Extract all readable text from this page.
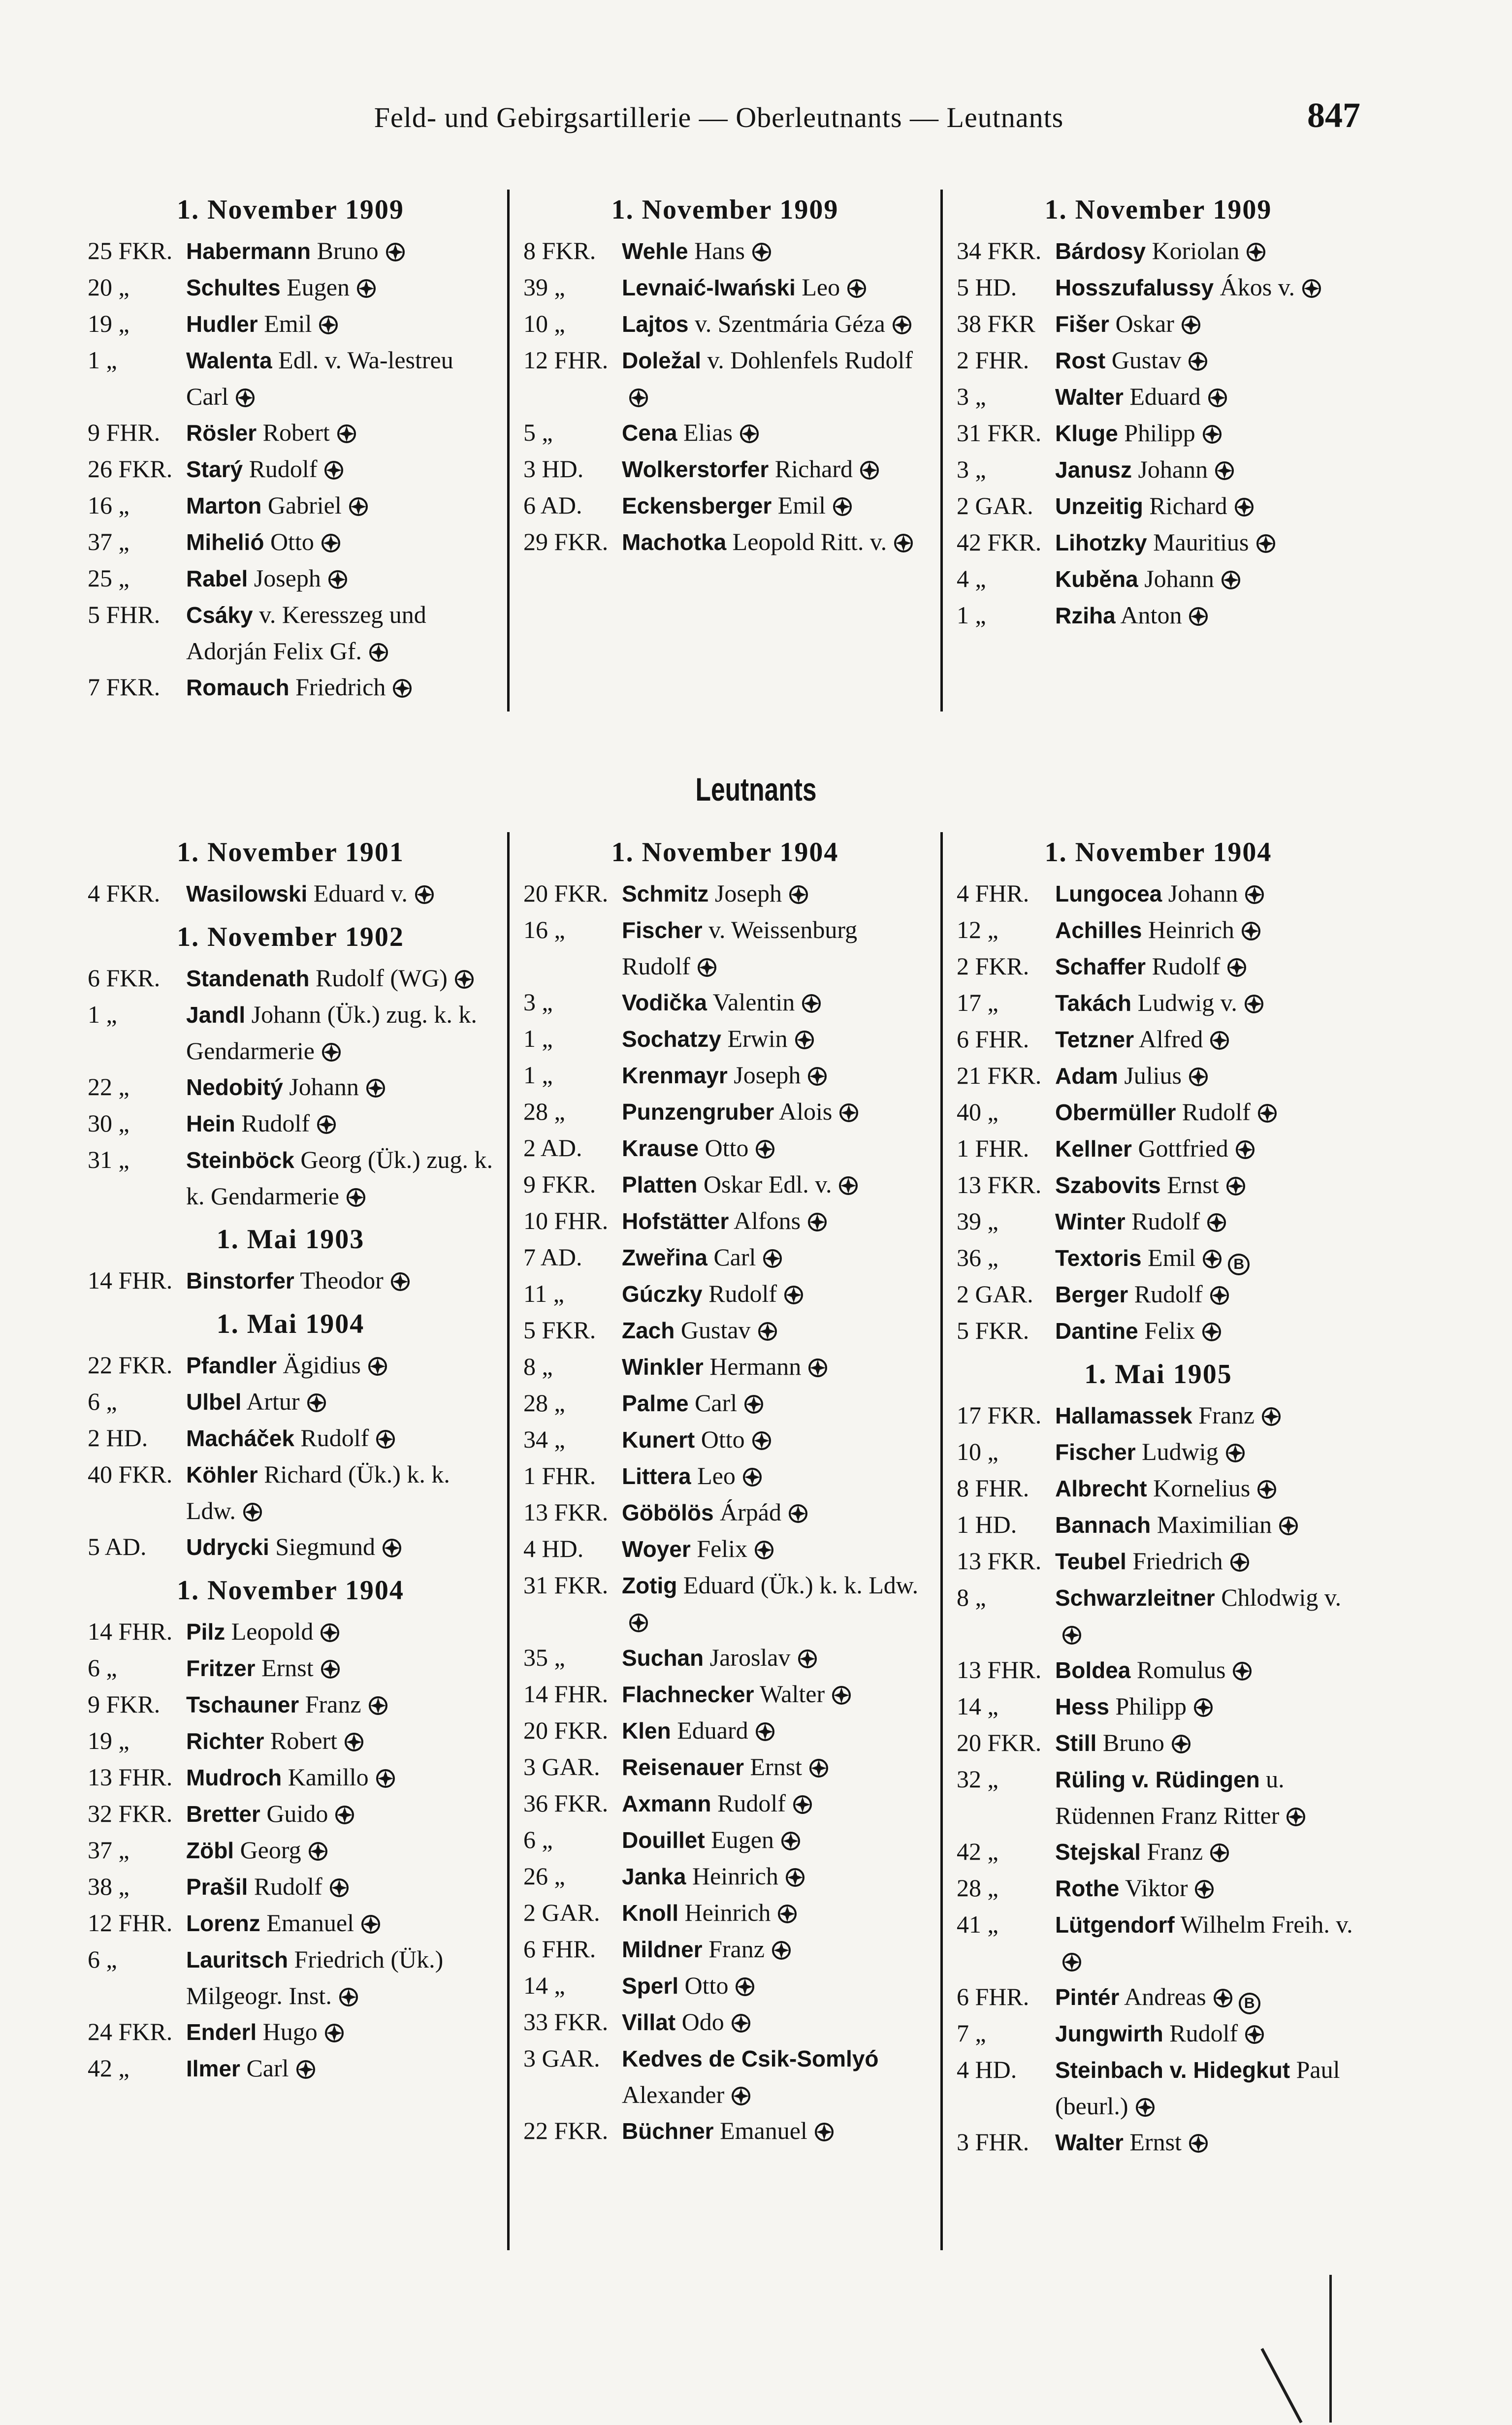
Feld- und Gebirgsartillerie — Oberleutnants — Leutnants	847
1. November 1909
25 FKR. Habermann Bruno
20 „	Schultes Eugen
19 „	Hudler Emil
1 „	Walenta Edl. v. Wa-lestreu Carl
9 FHR.	Rösler Robert
26 FKR. Starý Rudolf
16 „	Marton Gabriel
37 „	Mihelió Otto
25 „	Rabel Joseph
5 FHR.	Csáky v. Keresszeg und Adorján Felix Gf.
7 FKR.	Romauch Friedrich
1. November 1909
8 FKR.	Wehle Hans
39 „	Levnaić-Iwański Leo
10 „	Lajtos v. Szentmária Géza
12 FHR. Doležal v. Dohlenfels Rudolf
5 „	Cena Elias
3 HD.	Wolkerstorfer Richard
6 AD.	Eckensberger Emil
29 FKR. Machotka Leopold Ritt. v.
1. November 1909
34 FKR. Bárdosy Koriolan
5 HD.	Hosszufalussy Ákos v.
38 FKR Fišer Oskar
2 FHR.	Rost Gustav
3 „	Walter Eduard
31 FKR. Kluge Philipp
3 „	Janusz Johann
2 GAR. Unzeitig Richard
42 FKR. Lihotzky Mauritius
4 „	Kuběna Johann
1 „	Rziha Anton
Leutnants
1. November 1901
4 FKR.	Wasilowski Eduard v.
1. November 1902
6 FKR.	Standenath Rudolf (WG)
1 „	Jandl Johann (Ük.) zug. k. k. Gendarmerie
22 „	Nedobitý Johann
30 „	Hein Rudolf
31 „	Steinböck Georg (Ük.) zug. k. k. Gendarmerie
1. Mai 1903
14 FHR. Binstorfer Theodor
1. Mai 1904
22 FKR. Pfandler Ägidius
6 „	Ulbel Artur
2 HD.	Macháček Rudolf
40 FKR. Köhler Richard (Ük.) k. k. Ldw.
5 AD.	Udrycki Siegmund
1. November 1904
14 FHR. Pilz Leopold
6 „	Fritzer Ernst
9 FKR.	Tschauner Franz
19 „	Richter Robert
13 FHR. Mudroch Kamillo
32 FKR. Bretter Guido
37 „	Zöbl Georg
38 „	Prašil Rudolf
12 FHR. Lorenz Emanuel
6 „	Lauritsch Friedrich (Ük.) Milgeogr. Inst.
24 FKR. Enderl Hugo
42 „	Ilmer Carl
1. November 1904
20 FKR. Schmitz Joseph
16 „	Fischer v. Weissenburg Rudolf
3 „	Vodička Valentin
1 „	Sochatzy Erwin
1 „	Krenmayr Joseph
28 „	Punzengruber Alois
2 AD.	Krause Otto
9 FKR.	Platten Oskar Edl. v.
10 FHR. Hofstätter Alfons
7 AD.	Zweřina Carl
11 „	Gúczky Rudolf
5 FKR.	Zach Gustav
8 „	Winkler Hermann
28 „	Palme Carl
34 „	Kunert Otto
1 FHR.	Littera Leo
13 FKR. Göbölös Árpád
4 HD.	Woyer Felix
31 FKR. Zotig Eduard (Ük.) k. k. Ldw.
35 „	Suchan Jaroslav
14 FHR. Flachnecker Walter
20 FKR. Klen Eduard
3 GAR. Reisenauer Ernst
36 FKR. Axmann Rudolf
6 „	Douillet Eugen
26 „	Janka Heinrich
2 GAR. Knoll Heinrich
6 FHR.	Mildner Franz
14 „	Sperl Otto
33 FKR. Villat Odo
3 GAR. Kedves de Csik-Somlyó Alexander
22 FKR. Büchner Emanuel
1. November 1904
4 FHR.	Lungocea Johann
12 „	Achilles Heinrich
2 FKR.	Schaffer Rudolf
17 „	Takách Ludwig v.
6 FHR.	Tetzner Alfred
21 FKR. Adam Julius
40 „	Obermüller Rudolf
1 FHR.	Kellner Gottfried
13 FKR. Szabovits Ernst
39 „	Winter Rudolf
36 „	Textoris Emil	B
2 GAR. Berger Rudolf
5 FKR.	Dantine Felix
1. Mai 1905
17 FKR. Hallamassek Franz
10 „	Fischer Ludwig
8 FHR.	Albrecht Kornelius
1 HD.	Bannach Maximilian
13 FKR. Teubel Friedrich
8 „	Schwarzleitner Chlodwig v.
13 FHR. Boldea Romulus
14 „	Hess Philipp
20 FKR. Still Bruno
32 „	Rüling v. Rüdingen u. Rüdennen Franz Ritter
42 „	Stejskal Franz
28 „	Rothe Viktor
41 „	Lütgendorf Wilhelm Freih. v.
6 FHR.	Pintér Andreas	B
7 „	Jungwirth Rudolf
4 HD.	Steinbach v. Hidegkut Paul (beurl.)
3 FHR.	Walter Ernst
